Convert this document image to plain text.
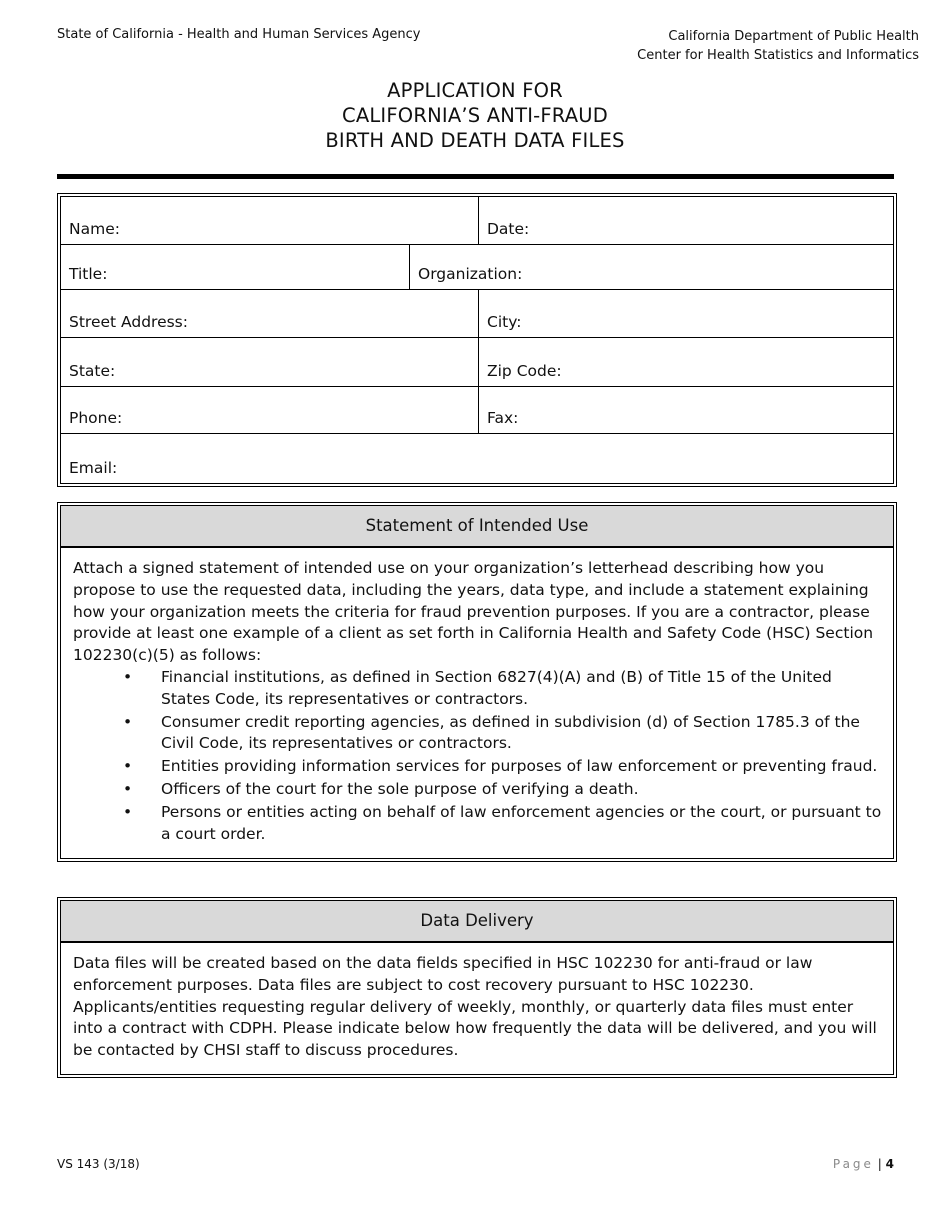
State of California - Health and Human Services Agency	California Department of Public Health
Center for Health Statistics and Informatics
APPLICATION FOR
CALIFORNIA’S ANTI-FRAUD
BIRTH AND DEATH DATA FILES
Name:	Date:
Title:	Organization:
Street Address:	City:
State:	Zip Code:
Phone:	Fax:
Email:
Statement of Intended Use
Attach a signed statement of intended use on your organization’s letterhead describing how you propose to use the requested data, including the years, data type, and include a statement explaining how your organization meets the criteria for fraud prevention purposes. If you are a contractor, please provide at least one example of a client as set forth in California Health and Safety Code (HSC) Section 102230(c)(5) as follows:
• Financial institutions, as defined in Section 6827(4)(A) and (B) of Title 15 of the United States Code, its representatives or contractors.
• Consumer credit reporting agencies, as defined in subdivision (d) of Section 1785.3 of the Civil Code, its representatives or contractors.
• Entities providing information services for purposes of law enforcement or preventing fraud.
• Officers of the court for the sole purpose of verifying a death.
• Persons or entities acting on behalf of law enforcement agencies or the court, or pursuant to a court order.
Data Delivery
Data files will be created based on the data fields specified in HSC 102230 for anti-fraud or law enforcement purposes. Data files are subject to cost recovery pursuant to HSC 102230. Applicants/entities requesting regular delivery of weekly, monthly, or quarterly data files must enter into a contract with CDPH. Please indicate below how frequently the data will be delivered, and you will be contacted by CHSI staff to discuss procedures.
VS 143 (3/18)	Page | 4
